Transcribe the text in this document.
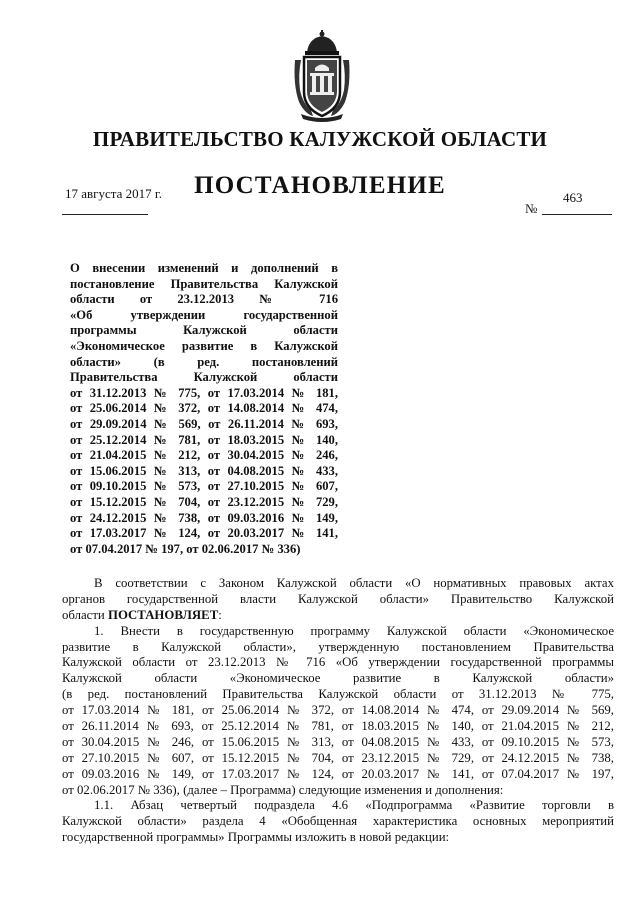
ПРАВИТЕЛЬСТВО КАЛУЖСКОЙ ОБЛАСТИ
ПОСТАНОВЛЕНИЕ
17 августа 2017 г.	463
№
О внесении изменений и дополнений в
постановление Правительства Калужской
области от 23.12.2013 № 716
«Об утверждении государственной
программы Калужской области
«Экономическое развитие в Калужской
области» (в ред. постановлений
Правительства Калужской области
от 31.12.2013 № 775, от 17.03.2014 № 181,
от 25.06.2014 № 372, от 14.08.2014 № 474,
от 29.09.2014 № 569, от 26.11.2014 № 693,
от 25.12.2014 № 781, от 18.03.2015 № 140,
от 21.04.2015 № 212, от 30.04.2015 № 246,
от 15.06.2015 № 313, от 04.08.2015 № 433,
от 09.10.2015 № 573, от 27.10.2015 № 607,
от 15.12.2015 № 704, от 23.12.2015 № 729,
от 24.12.2015 № 738, от 09.03.2016 № 149,
от 17.03.2017 № 124, от 20.03.2017 № 141,
от 07.04.2017 № 197, от 02.06.2017 № 336)
В соответствии с Законом Калужской области «О нормативных правовых актах
органов государственной власти Калужской области» Правительство Калужской
области ПОСТАНОВЛЯЕТ:
1. Внести в государственную программу Калужской области «Экономическое
развитие в Калужской области», утвержденную постановлением Правительства
Калужской области от 23.12.2013 № 716 «Об утверждении государственной программы
Калужской области «Экономическое развитие в Калужской области»
(в ред. постановлений Правительства Калужской области от 31.12.2013 № 775,
от 17.03.2014 № 181, от 25.06.2014 № 372, от 14.08.2014 № 474, от 29.09.2014 № 569,
от 26.11.2014 № 693, от 25.12.2014 № 781, от 18.03.2015 № 140, от 21.04.2015 № 212,
от 30.04.2015 № 246, от 15.06.2015 № 313, от 04.08.2015 № 433, от 09.10.2015 № 573,
от 27.10.2015 № 607, от 15.12.2015 № 704, от 23.12.2015 № 729, от 24.12.2015 № 738,
от 09.03.2016 № 149, от 17.03.2017 № 124, от 20.03.2017 № 141, от 07.04.2017 № 197,
от 02.06.2017 № 336), (далее – Программа) следующие изменения и дополнения:
1.1. Абзац четвертый подраздела 4.6 «Подпрограмма «Развитие торговли в
Калужской области» раздела 4 «Обобщенная характеристика основных мероприятий
государственной программы» Программы изложить в новой редакции:
